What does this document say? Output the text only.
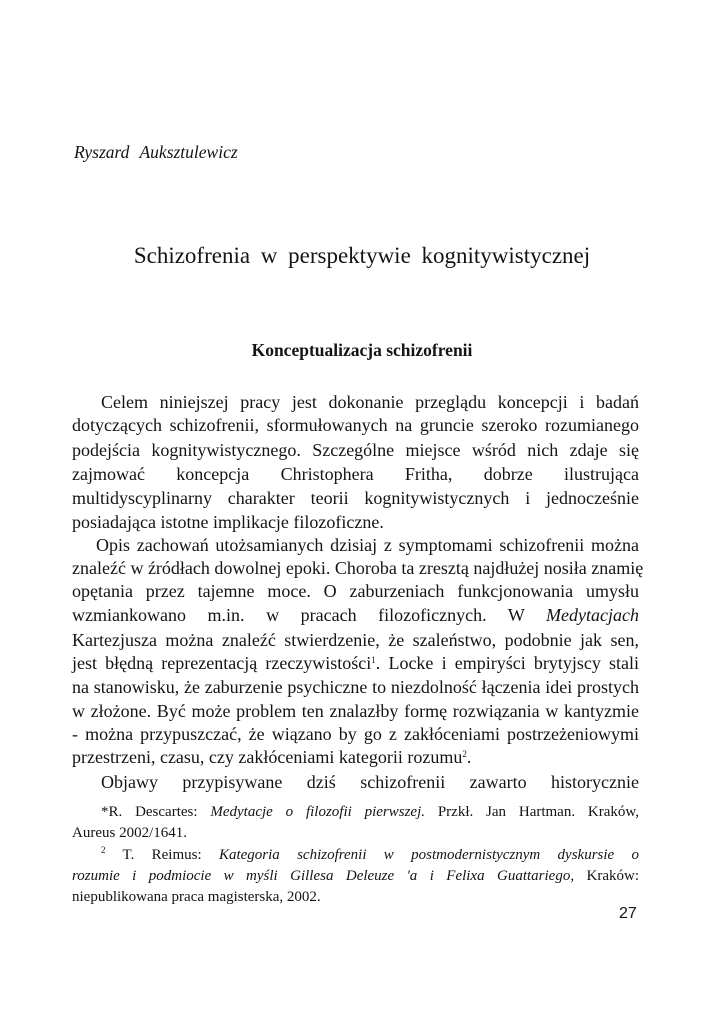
Ryszard Auksztulewicz
Schizofrenia w perspektywie kognitywistycznej
Konceptualizacja schizofrenii
Celem niniejszej pracy jest dokonanie przeglądu koncepcji i badań
dotyczących schizofrenii, sformułowanych na gruncie szeroko rozumianego
podejścia kognitywistycznego. Szczególne miejsce wśród nich zdaje się
zajmować koncepcja Christophera Fritha, dobrze ilustrująca
multidyscyplinarny charakter teorii kognitywistycznych i jednocześnie
posiadająca istotne implikacje filozoficzne.
Opis zachowań utożsamianych dzisiaj z symptomami schizofrenii można
znaleźć w źródłach dowolnej epoki. Choroba ta zresztą najdłużej nosiła znamię
opętania przez tajemne moce. O zaburzeniach funkcjonowania umysłu
wzmiankowano m.in. w pracach filozoficznych. W Medytacjach
Kartezjusza można znaleźć stwierdzenie, że szaleństwo, podobnie jak sen,
jest błędną reprezentacją rzeczywistości$^1$. Locke i empiryści brytyjscy stali
na stanowisku, że zaburzenie psychiczne to niezdolność łączenia idei prostych
w złożone. Być może problem ten znalazłby formę rozwiązania w kantyzmie
- można przypuszczać, że wiązano by go z zakłóceniami postrzeżeniowymi
przestrzeni, czasu, czy zakłóceniami kategorii rozumu$^2$.
Objawy przypisywane dziś schizofrenii zawarto historycznie
*R. Descartes: Medytacje o filozofii pierwszej. Przkł. Jan Hartman. Kraków,
Aureus 2002/1641.
$^2$ T. Reimus: Kategoria schizofrenii w postmodernistycznym dyskursie o
rozumie i podmiocie w myśli Gillesa Deleuze 'a i Felixa Guattariego, Kraków:
niepublikowana praca magisterska, 2002.
27
